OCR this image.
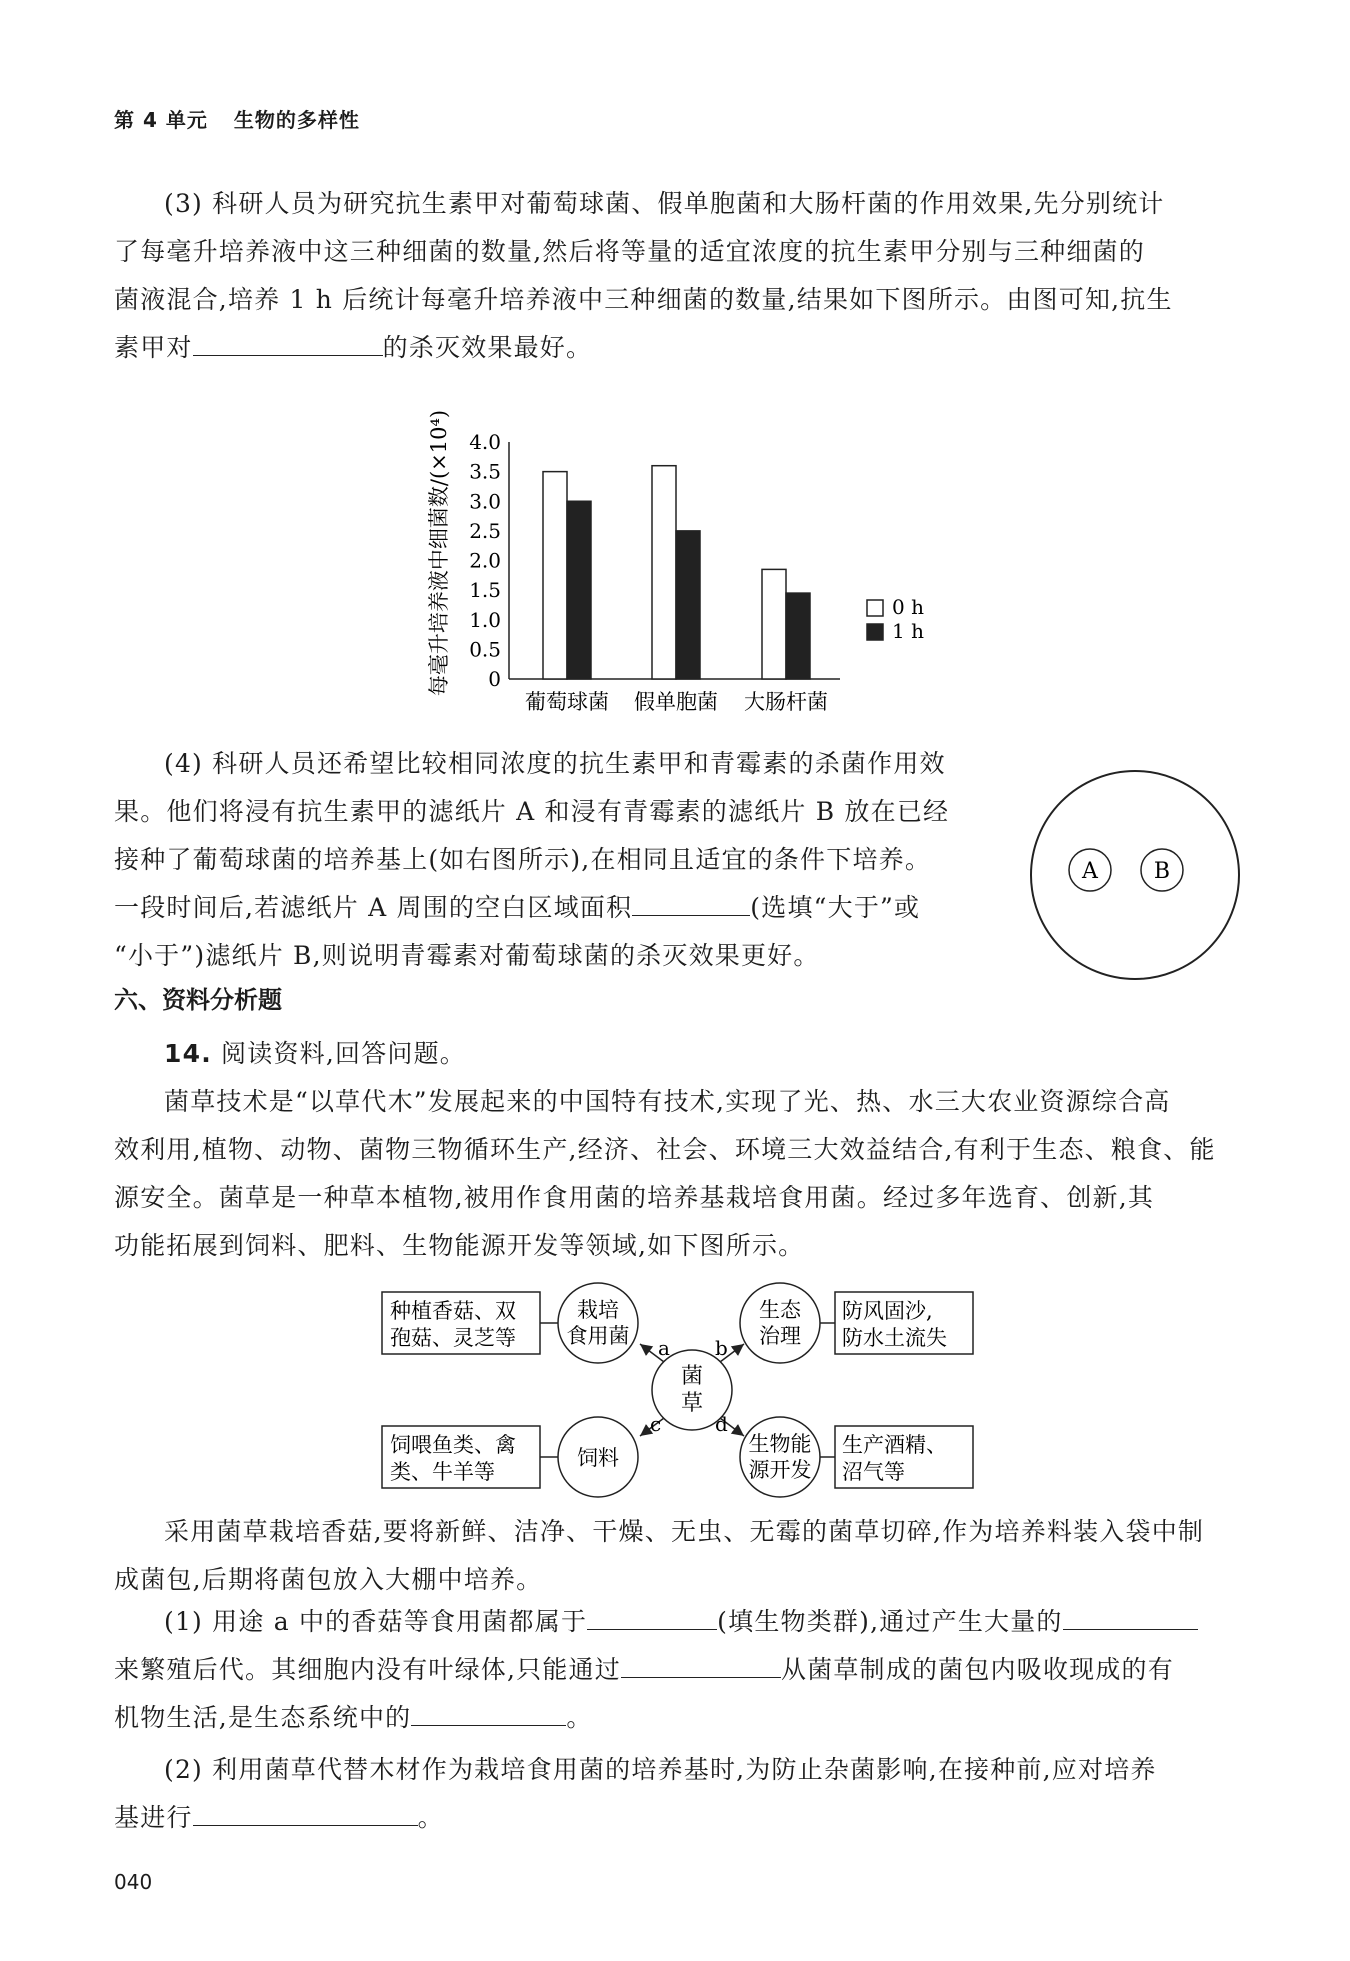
第 4 单元 生物的多样性
(3) 科研人员为研究抗生素甲对葡萄球菌、假单胞菌和大肠杆菌的作用效果,先分别统计
了每毫升培养液中这三种细菌的数量,然后将等量的适宜浓度的抗生素甲分别与三种细菌的
菌液混合,培养 1 h 后统计每毫升培养液中三种细菌的数量,结果如下图所示。由图可知,抗生
素甲对	的杀灭效果最好。
每毫升培养液中细菌数/(×10⁴) 4.0
3.5
3.0
2.5
2.0
1.5
1.0
0.5
0
葡萄球菌 假单胞菌 大肠杆菌
0 h
1 h
(4) 科研人员还希望比较相同浓度的抗生素甲和青霉素的杀菌作用效
果。他们将浸有抗生素甲的滤纸片 A 和浸有青霉素的滤纸片 B 放在已经
接种了葡萄球菌的培养基上(如右图所示),在相同且适宜的条件下培养。
一段时间后,若滤纸片 A 周围的空白区域面积	(选填“大于”或
“小于”)滤纸片 B,则说明青霉素对葡萄球菌的杀灭效果更好。
A	B
六、资料分析题
14. 阅读资料,回答问题。
菌草技术是“以草代木”发展起来的中国特有技术,实现了光、热、水三大农业资源综合高
效利用,植物、动物、菌物三物循环生产,经济、社会、环境三大效益结合,有利于生态、粮食、能
源安全。菌草是一种草本植物,被用作食用菌的培养基栽培食用菌。经过多年选育、创新,其
功能拓展到饲料、肥料、生物能源开发等领域,如下图所示。
菌
草
a b
c	d
种植香菇、双
孢菇、灵芝等
栽培
食用菌
生态
治理
防风固沙,
防水土流失
饲喂鱼类、禽
类、牛羊等
饲料
生物能
源开发
生产酒精、
沼气等
采用菌草栽培香菇,要将新鲜、洁净、干燥、无虫、无霉的菌草切碎,作为培养料装入袋中制
成菌包,后期将菌包放入大棚中培养。
(1) 用途 a 中的香菇等食用菌都属于	(填生物类群),通过产生大量的
来繁殖后代。其细胞内没有叶绿体,只能通过	从菌草制成的菌包内吸收现成的有
机物生活,是生态系统中的	。
(2) 利用菌草代替木材作为栽培食用菌的培养基时,为防止杂菌影响,在接种前,应对培养
基进行	。
040
